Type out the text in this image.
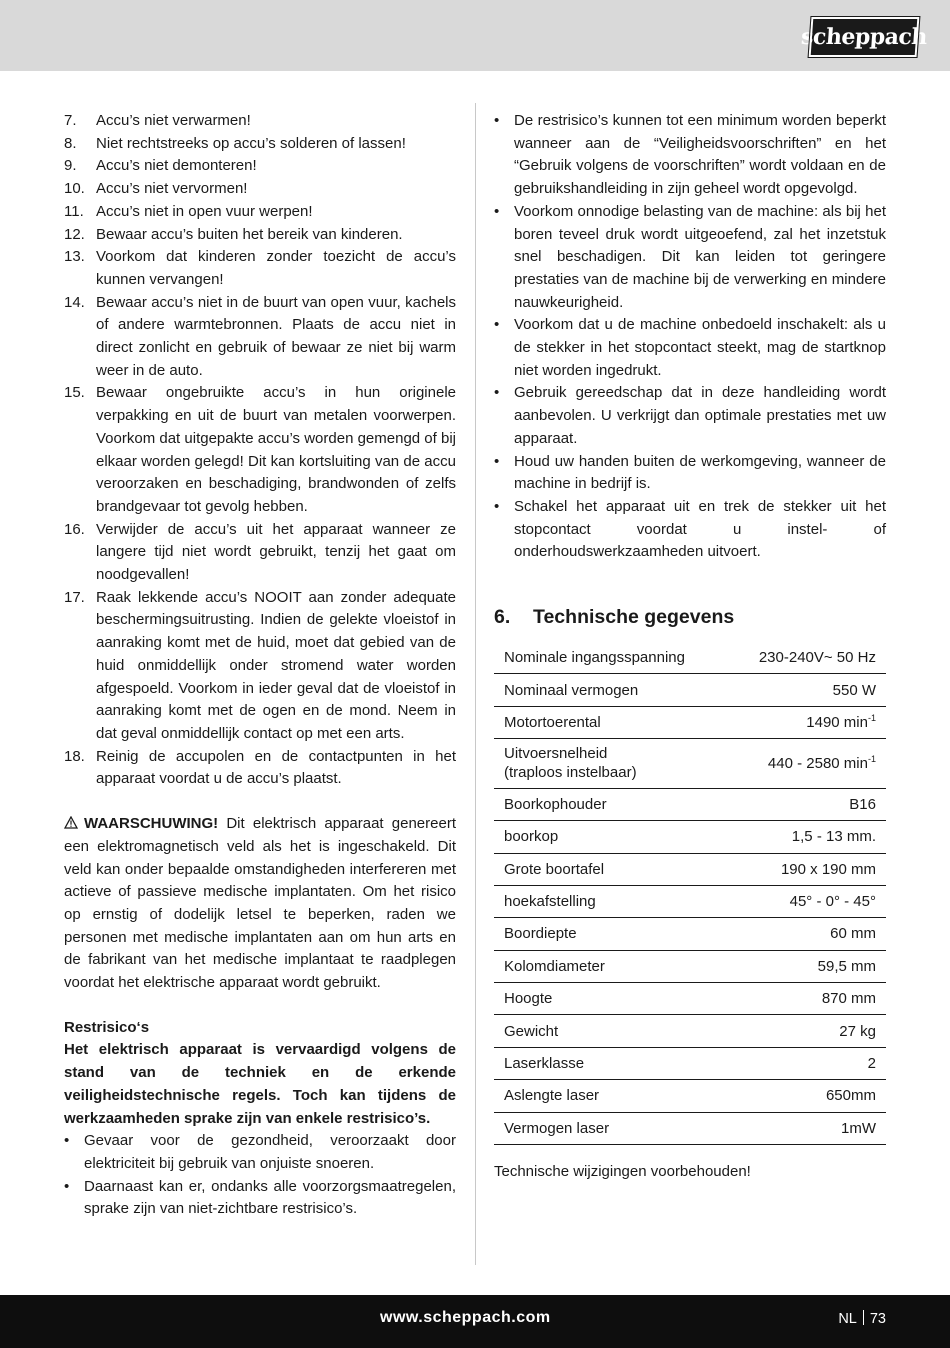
scheppach
7.	Accu’s niet verwarmen!
8.	Niet rechtstreeks op accu’s solderen of lassen!
9.	Accu’s niet demonteren!
10. Accu’s niet vervormen!
11. Accu’s niet in open vuur werpen!
12. Bewaar accu’s buiten het bereik van kinderen.
13. Voorkom dat kinderen zonder toezicht de accu’s kunnen vervangen!
14. Bewaar accu’s niet in de buurt van open vuur, kachels of andere warmtebronnen. Plaats de accu niet in direct zonlicht en gebruik of bewaar ze niet bij warm weer in de auto.
15. Bewaar ongebruikte accu’s in hun originele verpakking en uit de buurt van metalen voorwerpen. Voorkom dat uitgepakte accu’s worden gemengd of bij elkaar worden gelegd! Dit kan kortsluiting van de accu veroorzaken en beschadiging, brandwonden of zelfs brandgevaar tot gevolg hebben.
16. Verwijder de accu’s uit het apparaat wanneer ze langere tijd niet wordt gebruikt, tenzij het gaat om noodgevallen!
17. Raak lekkende accu’s NOOIT aan zonder adequate beschermingsuitrusting. Indien de gelekte vloeistof in aanraking komt met de huid, moet dat gebied van de huid onmiddellijk onder stromend water worden afgespoeld. Voorkom in ieder geval dat de vloeistof in aanraking komt met de ogen en de mond. Neem in dat geval onmiddellijk contact op met een arts.
18. Reinig de accupolen en de contactpunten in het apparaat voordat u de accu’s plaatst.
WAARSCHUWING! Dit elektrisch apparaat genereert een elektromagnetisch veld als het is ingeschakeld. Dit veld kan onder bepaalde omstandigheden interfereren met actieve of passieve medische implantaten. Om het risico op ernstig of dodelijk letsel te beperken, raden we personen met medische implantaten aan om hun arts en de fabrikant van het medische implantaat te raadplegen voordat het elektrische apparaat wordt gebruikt.
Restrisico‘s
Het elektrisch apparaat is vervaardigd volgens de stand van de techniek en de erkende veiligheidstechnische regels. Toch kan tijdens de werkzaamheden sprake zijn van enkele restrisico’s.
• Gevaar voor de gezondheid, veroorzaakt door elektriciteit bij gebruik van onjuiste snoeren.
• Daarnaast kan er, ondanks alle voorzorgsmaatregelen, sprake zijn van niet-zichtbare restrisico’s.
• De restrisico’s kunnen tot een minimum worden beperkt wanneer aan de “Veiligheidsvoorschriften” en het “Gebruik volgens de voorschriften” wordt voldaan en de gebruikshandleiding in zijn geheel wordt opgevolgd.
• Voorkom onnodige belasting van de machine: als bij het boren teveel druk wordt uitgeoefend, zal het inzetstuk snel beschadigen. Dit kan leiden tot geringere prestaties van de machine bij de verwerking en mindere nauwkeurigheid.
• Voorkom dat u de machine onbedoeld inschakelt: als u de stekker in het stopcontact steekt, mag de startknop niet worden ingedrukt.
• Gebruik gereedschap dat in deze handleiding wordt aanbevolen. U verkrijgt dan optimale prestaties met uw apparaat.
• Houd uw handen buiten de werkomgeving, wanneer de machine in bedrijf is.
• Schakel het apparaat uit en trek de stekker uit het stopcontact voordat u instel- of onderhoudswerkzaamheden uitvoert.
6.	Technische gegevens
Nominale ingangsspanning	230-240V~ 50 Hz
Nominaal vermogen	550 W
Motortoerental	1490 $\min^{-1}$

Uitvoersnelheid
(traploos instelbaar)	440 - 2580 $\min^{-1}$
Boorkophouder	B16
boorkop	1,5 - 13 mm.
Grote boortafel	190 x 190 mm
hoekafstelling	45° - 0° - 45°
Boordiepte	60 mm
Kolomdiameter	59,5 mm
Hoogte	870 mm
Gewicht	27 kg
Laserklasse	2
Aslengte laser	650mm
Vermogen laser	1mW
Technische wijzigingen voorbehouden!
www.scheppach.com	NL 73
